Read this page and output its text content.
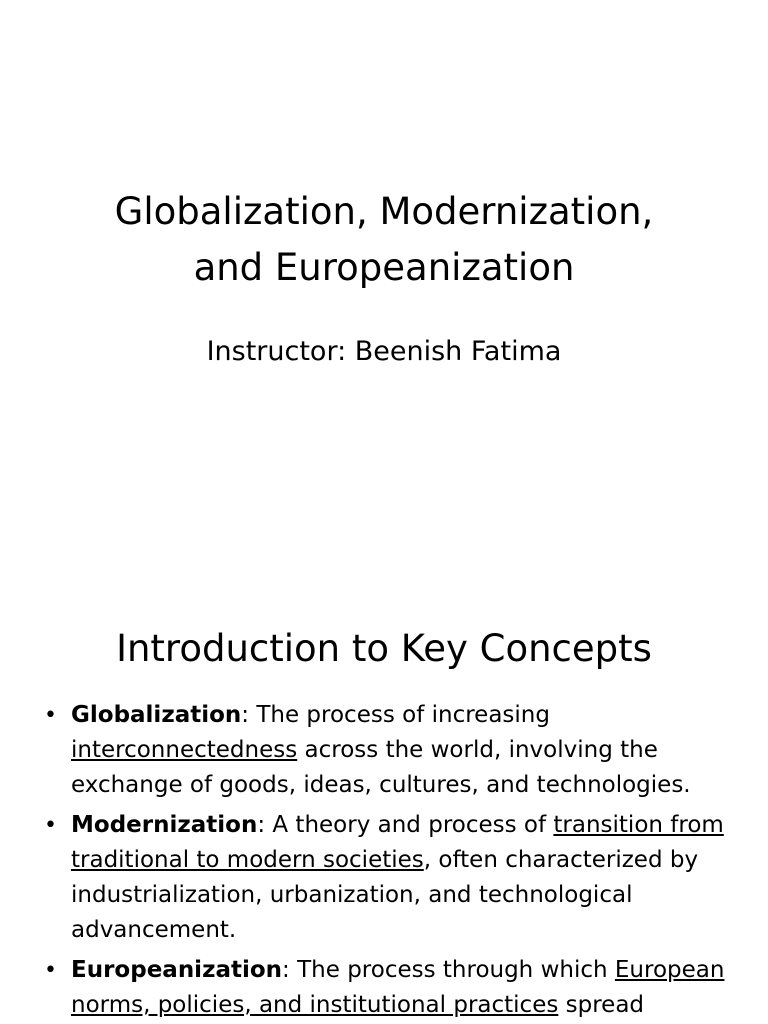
Globalization, Modernization,
and Europeanization

Instructor: Beenish Fatima

Introduction to Key Concepts
• Globalization: The process of increasing interconnectedness across the world, involving the exchange of goods, ideas, cultures, and technologies.
• Modernization: A theory and process of transition from traditional to modern societies, often characterized by industrialization, urbanization, and technological advancement.
• Europeanization: The process through which European norms, policies, and institutional practices spread
